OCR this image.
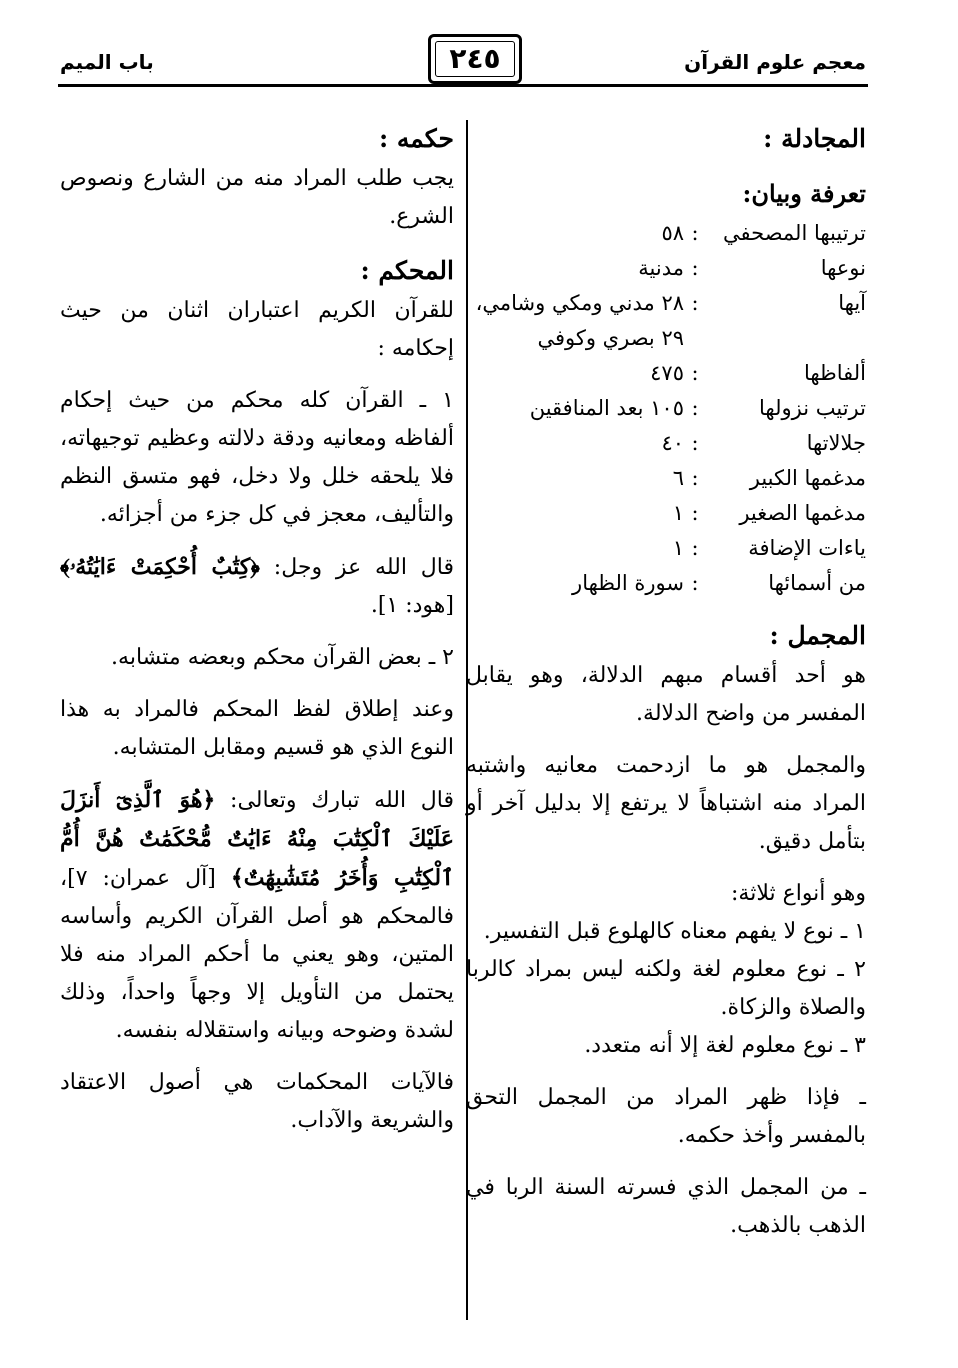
معجم علوم القرآن
٢٤٥
باب الميم
المجادلة :
تعرفة وبيان:
ترتيبها المصحفي
:
٥٨
نوعها
:
مدنية
آيها
:
٢٨ مدني ومكي وشامي،
٢٩ بصري وكوفي
ألفاظها
:
٤٧٥
ترتيب نزولها
:
١٠٥ بعد المنافقين
جلالاتها
:
٤٠
مدغمها الكبير
:
٦
مدغمها الصغير
:
١
ياءات الإضافة
:
١
من أسمائها
:
سورة الظهار
المجمل :

هو أحد أقسام مبهم الدلالة، وهو يقابل المفسر من واضح الدلالة.

والمجمل هو ما ازدحمت معانيه واشتبه المراد منه اشتباهاً لا يرتفع إلا بدليل آخر أو بتأمل دقيق.

وهو أنواع ثلاثة:

١ ـ نوع لا يفهم معناه كالهلوع قبل التفسير.

٢ ـ نوع معلوم لغة ولكنه ليس بمراد كالربا والصلاة والزكاة.

٣ ـ نوع معلوم لغة إلا أنه متعدد.

ـ فإذا ظهر المراد من المجمل التحق بالمفسر وأخذ حكمه.

ـ من المجمل الذي فسرته السنة الربا في الذهب بالذهب.

حكمه :

يجب طلب المراد منه من الشارع ونصوص الشرع.

المحكم :

للقرآن الكريم اعتباران اثنان من حيث إحكامه :

١ ـ القرآن كله محكم من حيث إحكام ألفاظه ومعانيه ودقة دلالته وعظيم توجيهاته، فلا يلحقه خلل ولا دخل، فهو متسق النظم والتأليف، معجز في كل جزء من أجزائه.

قال الله عز وجل: ﴿كِتَٰبٌ أُحْكِمَتْ ءَايَٰتُهُۥ﴾ [هود: ١].

٢ ـ بعض القرآن محكم وبعضه متشابه.

وعند إطلاق لفظ المحكم فالمراد به هذا النوع الذي هو قسيم ومقابل المتشابه.

قال الله تبارك وتعالى: ﴿هُوَ ٱلَّذِىٓ أَنزَلَ عَلَيْكَ ٱلْكِتَٰبَ مِنْهُ ءَايَٰتٌ مُّحْكَمَٰتٌ هُنَّ أُمُّ ٱلْكِتَٰبِ وَأُخَرُ مُتَشَٰبِهَٰتٌ﴾ [آل عمران: ٧]، فالمحكم هو أصل القرآن الكريم وأساسه المتين، وهو يعني ما أحكم المراد منه فلا يحتمل من التأويل إلا وجهاً واحداً، وذلك لشدة وضوحه وبيانه واستقلاله بنفسه.

فالآيات المحكمات هي أصول الاعتقاد والشريعة والآداب.
